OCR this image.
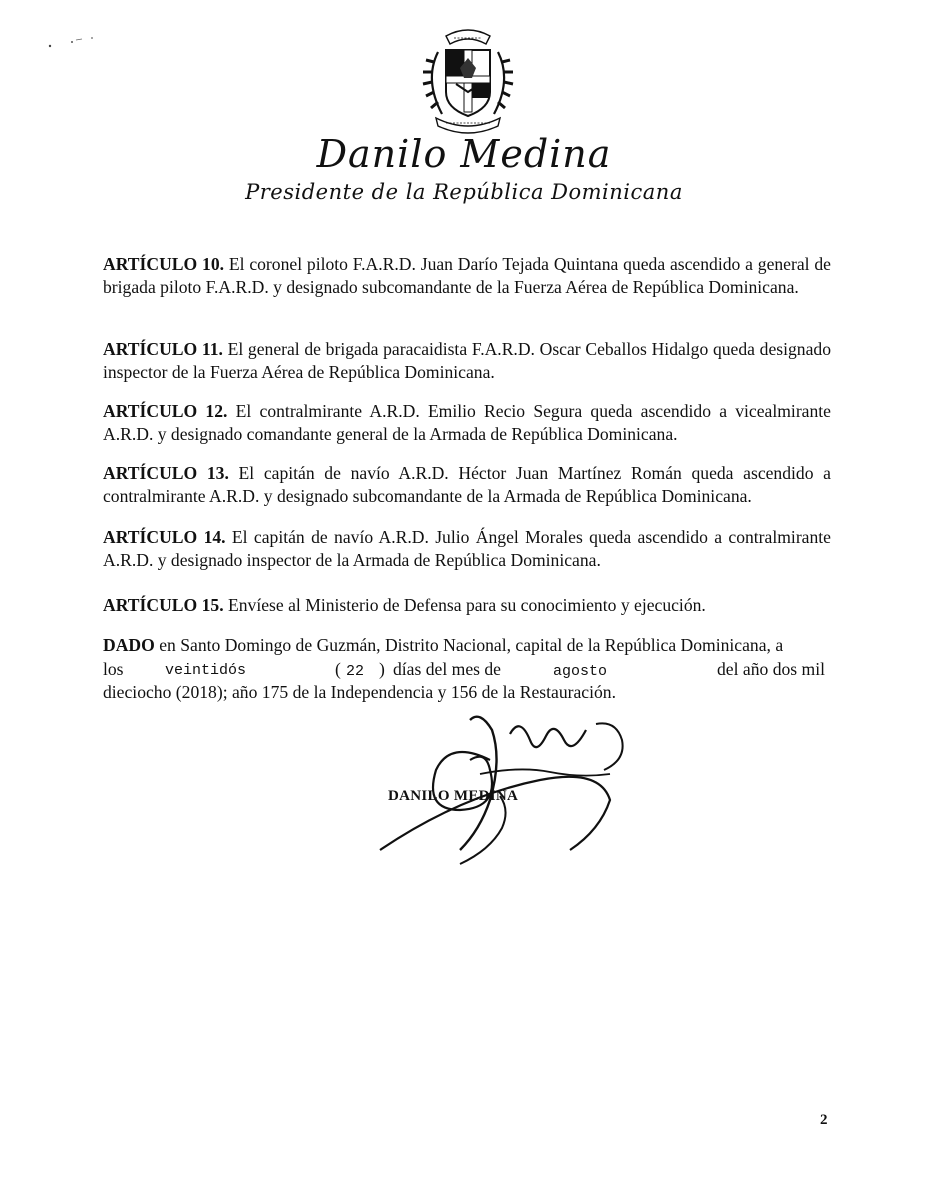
Danilo Medina
Presidente de la República Dominicana
ARTÍCULO 10. El coronel piloto F.A.R.D. Juan Darío Tejada Quintana queda ascendido a general de brigada piloto F.A.R.D. y designado subcomandante de la Fuerza Aérea de República Dominicana.
ARTÍCULO 11. El general de brigada paracaidista F.A.R.D. Oscar Ceballos Hidalgo queda designado inspector de la Fuerza Aérea de República Dominicana.
ARTÍCULO 12. El contralmirante A.R.D. Emilio Recio Segura queda ascendido a vicealmirante A.R.D. y designado comandante general de la Armada de República Dominicana.
ARTÍCULO 13. El capitán de navío A.R.D. Héctor Juan Martínez Román queda ascendido a contralmirante A.R.D. y designado subcomandante de la Armada de República Dominicana.
ARTÍCULO 14. El capitán de navío A.R.D. Julio Ángel Morales queda ascendido a contralmirante A.R.D. y designado inspector de la Armada de República Dominicana.
ARTÍCULO 15. Envíese al Ministerio de Defensa para su conocimiento y ejecución.
DADO en Santo Domingo de Guzmán, Distrito Nacional, capital de la República Dominicana, a
los	veintidós	( 22 ) días del mes de	agosto	del año dos mil
dieciocho (2018); año 175 de la Independencia y 156 de la Restauración.
DANILO MEDINA
2
